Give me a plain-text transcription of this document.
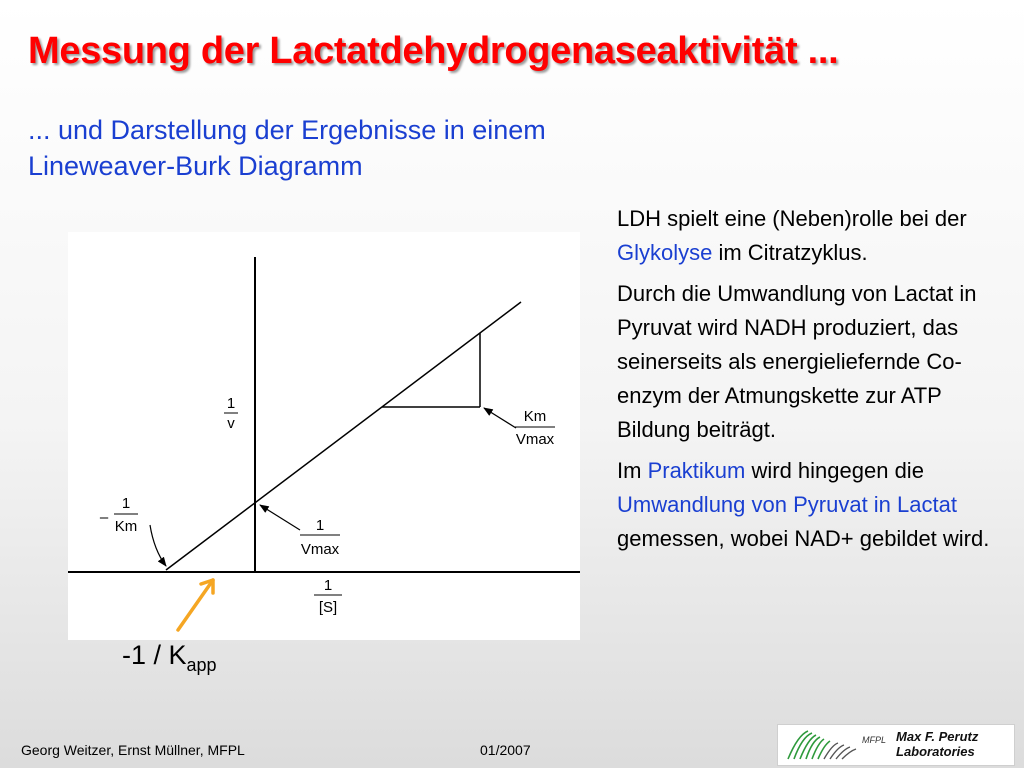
Messung der Lactatdehydrogenaseaktivität ...
... und Darstellung der Ergebnisse in einem
Lineweaver-Burk Diagramm
1
v
1
[S]
Km
Vmax
1
Vmax
–
1
Km
$-1 / K_{app}$

LDH spielt eine (Neben)rolle bei der Glykolyse im Citratzyklus.

Durch die Umwandlung von Lactat in Pyruvat wird NADH produziert, das seinerseits als energieliefernde Co-enzym der Atmungskette zur ATP Bildung beiträgt.

Im Praktikum wird hingegen die Umwandlung von Pyruvat in Lactat gemessen, wobei NAD+ gebildet wird.

Georg Weitzer, Ernst Müllner, MFPL	01/2007
MFPL Max F. Perutz
Laboratories
